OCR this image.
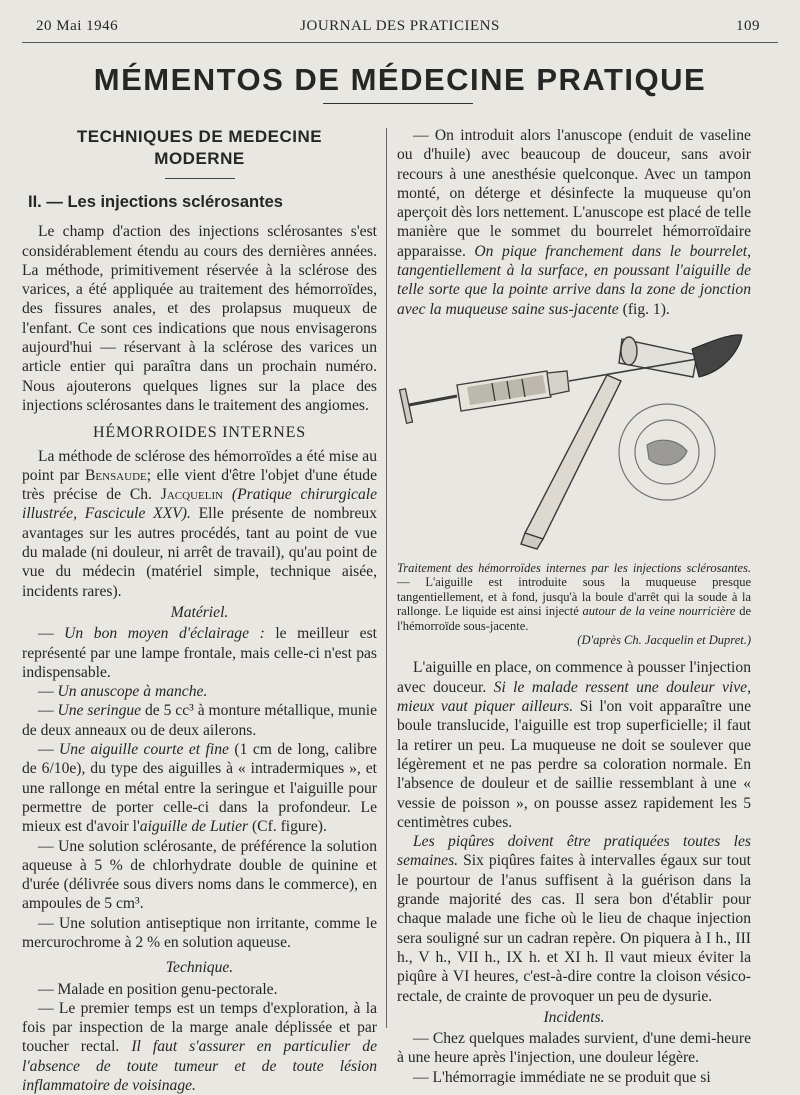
20 Mai 1946	JOURNAL DES PRATICIENS	109
MÉMENTOS DE MÉDECINE PRATIQUE
TECHNIQUES DE MEDECINE
MODERNE
II. — Les injections sclérosantes

Le champ d'action des injections sclérosantes s'est considérablement étendu au cours des dernières années. La méthode, primitivement réservée à la sclérose des varices, a été appliquée au traitement des hémorroïdes, des fissures anales, et des prolapsus muqueux de l'enfant. Ce sont ces indications que nous envisagerons aujourd'hui — réservant à la sclérose des varices un article entier qui paraîtra dans un prochain numéro. Nous ajouterons quelques lignes sur la place des injections sclérosantes dans le traitement des angiomes.

HÉMORROIDES INTERNES

La méthode de sclérose des hémorroïdes a été mise au point par Bensaude; elle vient d'être l'objet d'une étude très précise de Ch. Jacquelin (Pratique chirurgicale illustrée, Fascicule XXV). Elle présente de nombreux avantages sur les autres procédés, tant au point de vue du malade (ni douleur, ni arrêt de travail), qu'au point de vue du médecin (matériel simple, technique aisée, incidents rares).

Matériel.

— Un bon moyen d'éclairage : le meilleur est représenté par une lampe frontale, mais celle-ci n'est pas indispensable.

— Un anuscope à manche.

— Une seringue de 5 cc³ à monture métallique, munie de deux anneaux ou de deux ailerons.

— Une aiguille courte et fine (1 cm de long, calibre de 6/10e), du type des aiguilles à « intradermiques », et une rallonge en métal entre la seringue et l'aiguille pour permettre de porter celle-ci dans la profondeur. Le mieux est d'avoir l'aiguille de Lutier (Cf. figure).

— Une solution sclérosante, de préférence la solution aqueuse à 5 % de chlorhydrate double de quinine et d'urée (délivrée sous divers noms dans le commerce), en ampoules de 5 cm³.

— Une solution antiseptique non irritante, comme le mercurochrome à 2 % en solution aqueuse.

Technique.

— Malade en position genu-pectorale.

— Le premier temps est un temps d'exploration, à la fois par inspection de la marge anale déplissée et par toucher rectal. Il faut s'assurer en particulier de l'absence de toute tumeur et de toute lésion inflammatoire de voisinage.

— On introduit alors l'anuscope (enduit de vaseline ou d'huile) avec beaucoup de douceur, sans avoir recours à une anesthésie quelconque. Avec un tampon monté, on déterge et désinfecte la muqueuse qu'on aperçoit dès lors nettement. L'anuscope est placé de telle manière que le sommet du bourrelet hémorroïdaire apparaisse. On pique franchement dans le bourrelet, tangentiellement à la surface, en poussant l'aiguille de telle sorte que la pointe arrive dans la zone de jonction avec la muqueuse saine sus-jacente (fig. 1).

Traitement des hémorroïdes internes par les injections sclérosantes. — L'aiguille est introduite sous la muqueuse presque tangentiellement, et à fond, jusqu'à la boule d'arrêt qui la soude à la rallonge. Le liquide est ainsi injecté autour de la veine nourricière de l'hémorroïde sous-jacente.

(D'après Ch. Jacquelin et Dupret.)

L'aiguille en place, on commence à pousser l'injection avec douceur. Si le malade ressent une douleur vive, mieux vaut piquer ailleurs. Si l'on voit apparaître une boule translucide, l'aiguille est trop superficielle; il faut la retirer un peu. La muqueuse ne doit se soulever que légèrement et ne pas perdre sa coloration normale. En l'absence de douleur et de saillie ressemblant à une « vessie de poisson », on pousse assez rapidement les 5 centimètres cubes.

Les piqûres doivent être pratiquées toutes les semaines. Six piqûres faites à intervalles égaux sur tout le pourtour de l'anus suffisent à la guérison dans la grande majorité des cas. Il sera bon d'établir pour chaque malade une fiche où le lieu de chaque injection sera souligné sur un cadran repère. On piquera à I h., III h., V h., VII h., IX h. et XI h. Il vaut mieux éviter la piqûre à VI heures, c'est-à-dire contre la cloison vésico-rectale, de crainte de provoquer un peu de dysurie.

Incidents.

— Chez quelques malades survient, d'une demi-heure à une heure après l'injection, une douleur légère.

— L'hémorragie immédiate ne se produit que si
